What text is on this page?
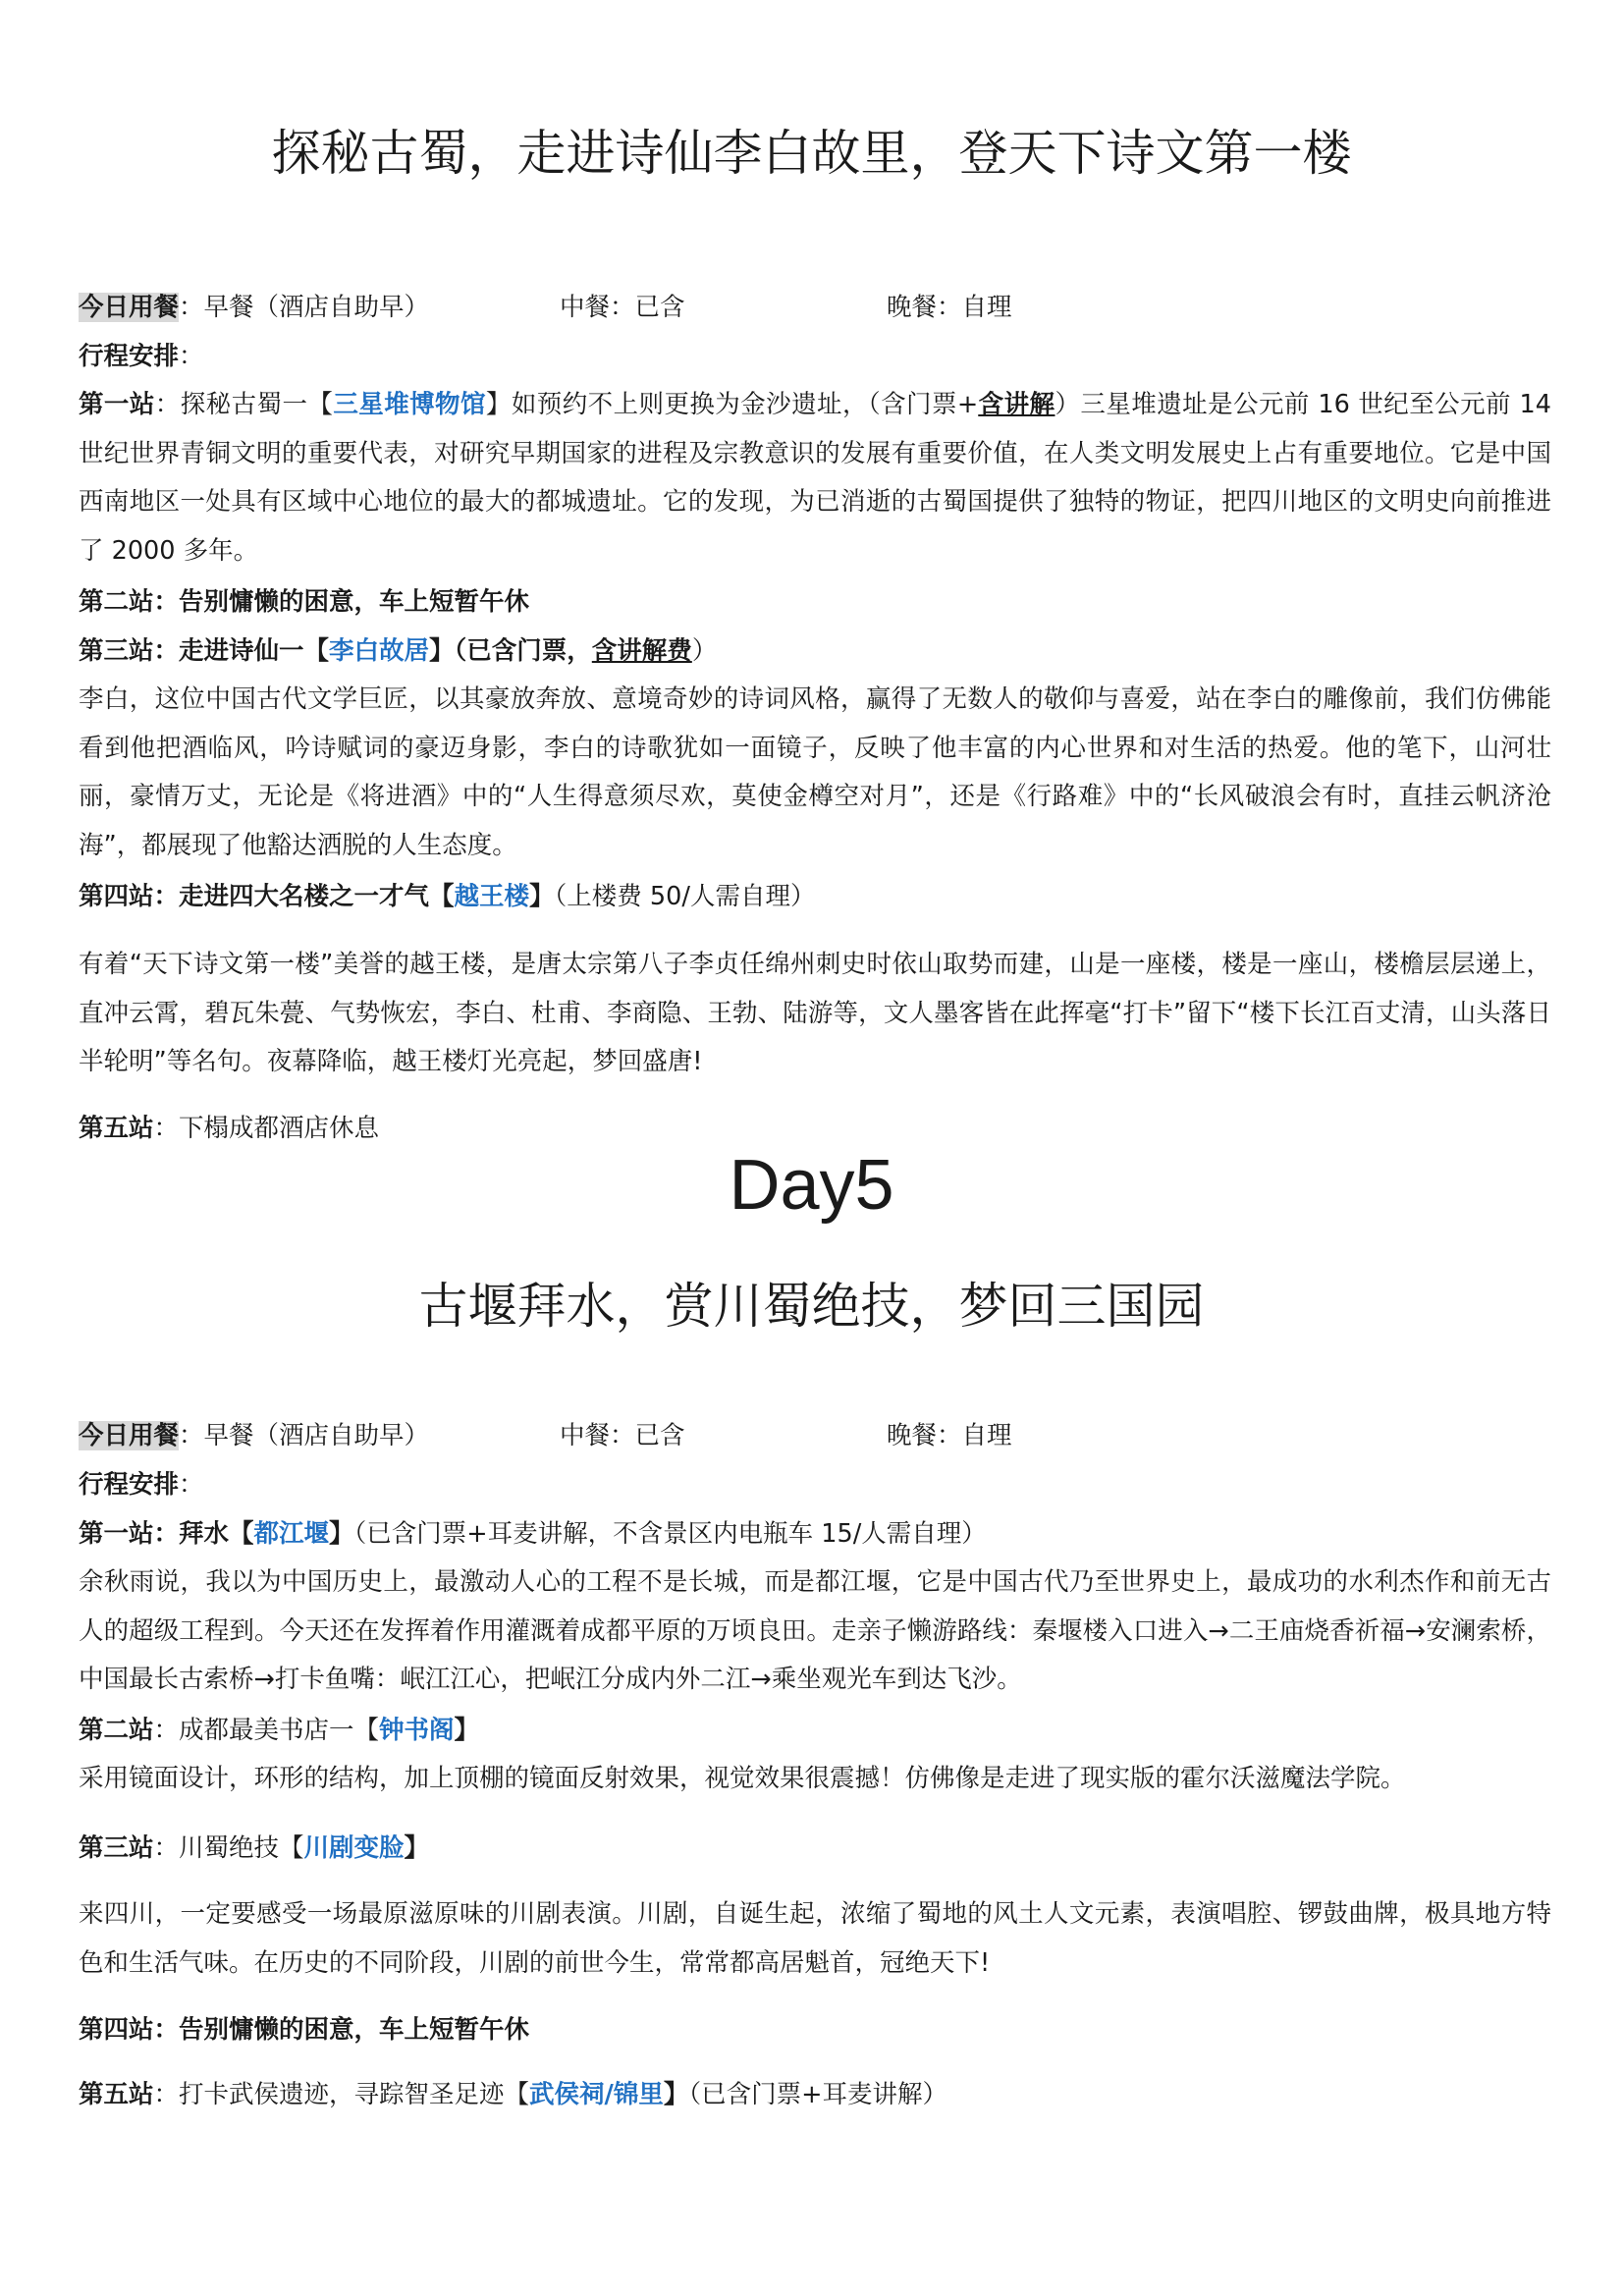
探秘古蜀，走进诗仙李白故里，登天下诗文第一楼
今日用餐：早餐（酒店自助早）	中餐：已含	晚餐：自理
行程安排：

第一站：探秘古蜀一【三星堆博物馆】如预约不上则更换为金沙遗址，（含门票+含讲解）三星堆遗址是公元前 16 世纪至公元前 14 世纪世界青铜文明的重要代表，对研究早期国家的进程及宗教意识的发展有重要价值，在人类文明发展史上占有重要地位。它是中国西南地区一处具有区域中心地位的最大的都城遗址。它的发现，为已消逝的古蜀国提供了独特的物证，把四川地区的文明史向前推进了 2000 多年。

第二站：告别慵懒的困意，车上短暂午休
第三站：走进诗仙一【李白故居】（已含门票，含讲解费）

李白，这位中国古代文学巨匠，以其豪放奔放、意境奇妙的诗词风格，赢得了无数人的敬仰与喜爱，站在李白的雕像前，我们仿佛能看到他把酒临风，吟诗赋词的豪迈身影，李白的诗歌犹如一面镜子，反映了他丰富的内心世界和对生活的热爱。他的笔下，山河壮丽，豪情万丈，无论是《将进酒》中的“人生得意须尽欢，莫使金樽空对月”，还是《行路难》中的“长风破浪会有时，直挂云帆济沧海”，都展现了他豁达洒脱的人生态度。

第四站：走进四大名楼之一才气【越王楼】（上楼费 50/人需自理）

有着“天下诗文第一楼”美誉的越王楼，是唐太宗第八子李贞任绵州刺史时依山取势而建，山是一座楼，楼是一座山，楼檐层层递上，直冲云霄，碧瓦朱甍、气势恢宏，李白、杜甫、李商隐、王勃、陆游等，文人墨客皆在此挥毫“打卡”留下“楼下长江百丈清，山头落日半轮明”等名句。夜幕降临，越王楼灯光亮起，梦回盛唐!

第五站：下榻成都酒店休息
Day5
古堰拜水，赏川蜀绝技，梦回三国园
今日用餐：早餐（酒店自助早）	中餐：已含	晚餐：自理
行程安排：
第一站：拜水【都江堰】（已含门票+耳麦讲解，不含景区内电瓶车 15/人需自理）

余秋雨说，我以为中国历史上，最激动人心的工程不是长城，而是都江堰，它是中国古代乃至世界史上，最成功的水利杰作和前无古人的超级工程到。今天还在发挥着作用灌溉着成都平原的万顷良田。走亲子懒游路线：秦堰楼入口进入→二王庙烧香祈福→安澜索桥，中国最长古索桥→打卡鱼嘴：岷江江心，把岷江分成内外二江→乘坐观光车到达飞沙。

第二站：成都最美书店一【钟书阁】

采用镜面设计，环形的结构，加上顶棚的镜面反射效果，视觉效果很震撼！仿佛像是走进了现实版的霍尔沃滋魔法学院。

第三站：川蜀绝技【川剧变脸】

来四川，一定要感受一场最原滋原味的川剧表演。川剧，自诞生起，浓缩了蜀地的风土人文元素，表演唱腔、锣鼓曲牌，极具地方特色和生活气味。在历史的不同阶段，川剧的前世今生，常常都高居魁首，冠绝天下!

第四站：告别慵懒的困意，车上短暂午休
第五站：打卡武侯遗迹，寻踪智圣足迹【武侯祠/锦里】（已含门票+耳麦讲解）
